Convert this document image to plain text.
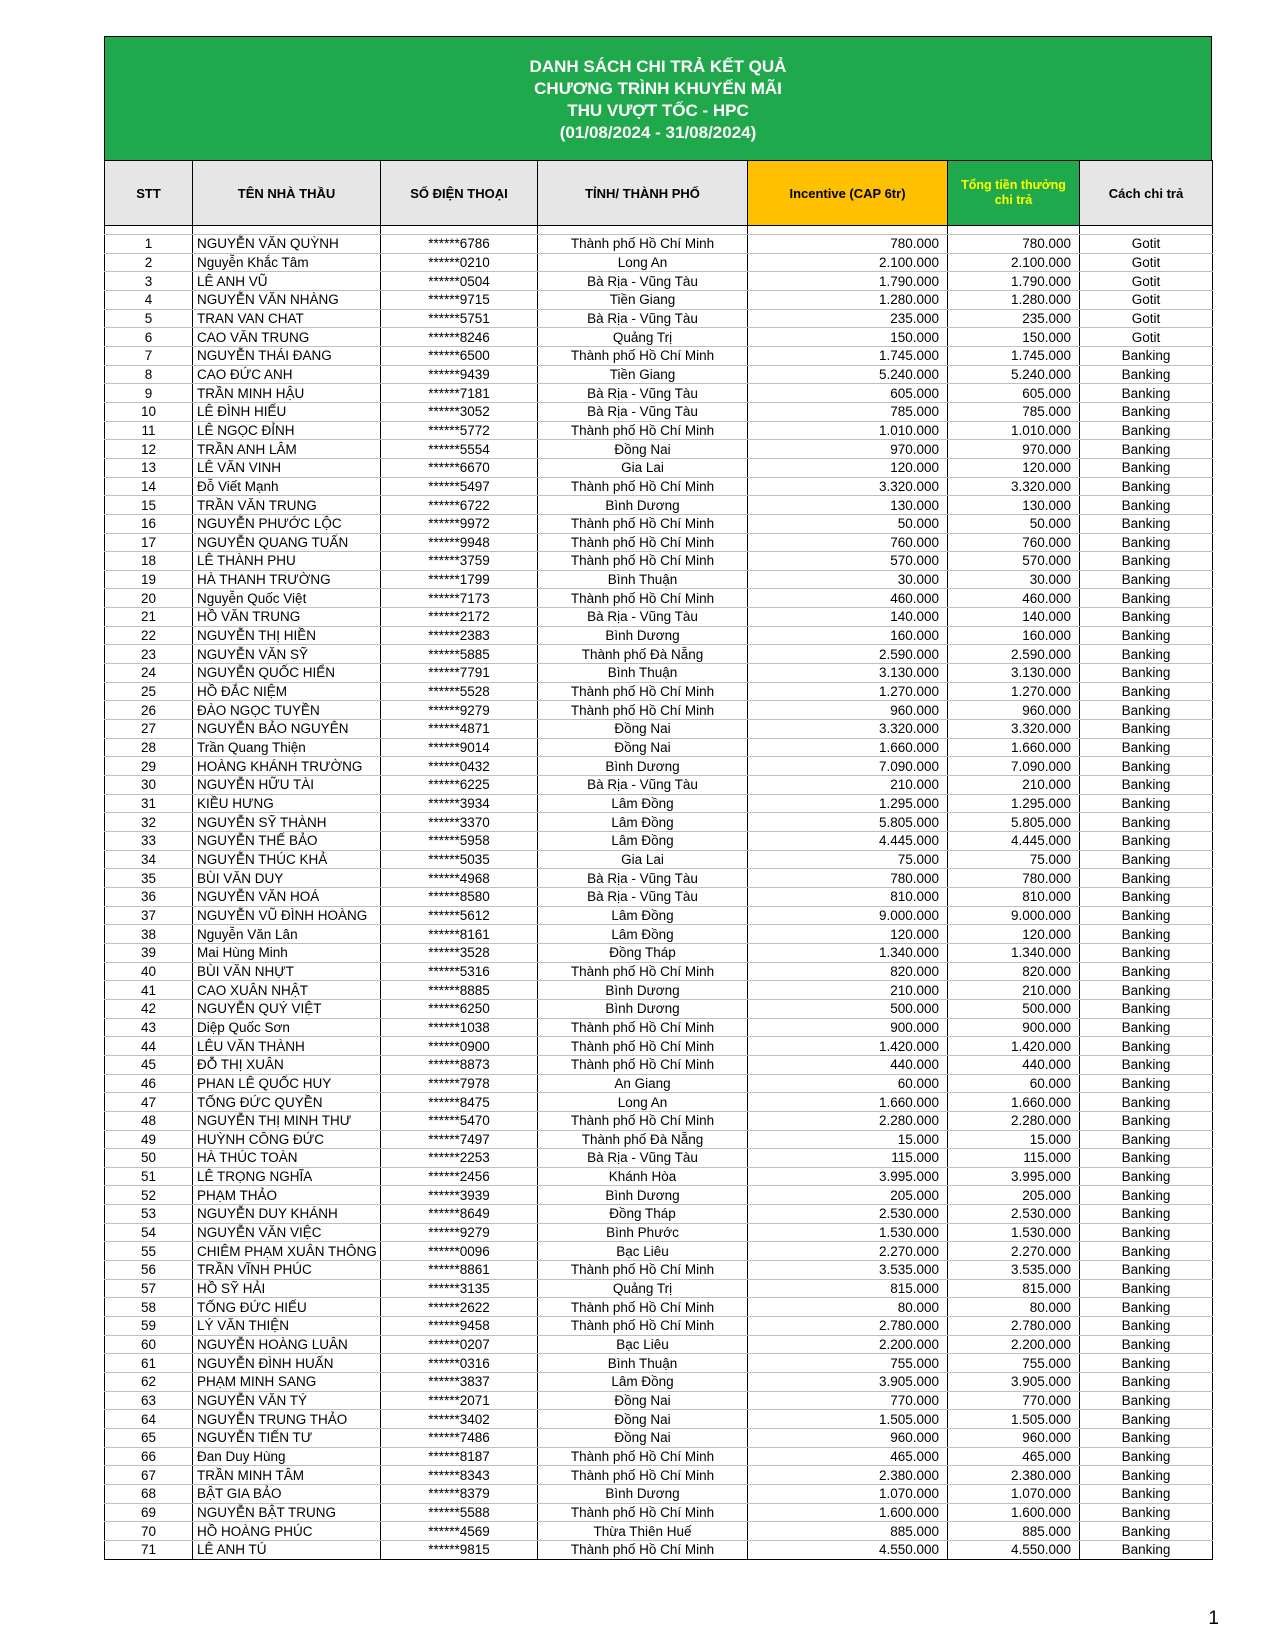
DANH SÁCH CHI TRẢ KẾT QUẢ
CHƯƠNG TRÌNH KHUYẾN MÃI
THU VƯỢT TỐC - HPC
(01/08/2024 - 31/08/2024)
STT	TÊN NHÀ THẦU	SỐ ĐIỆN THOẠI	TỈNH/ THÀNH PHỐ	Incentive (CAP 6tr)	Tổng tiền thưởng chi trả	Cách chi trả

1	NGUYỄN VĂN QUỲNH	******6786	Thành phố Hồ Chí Minh	780.000	780.000	Gotit
2	Nguyễn Khắc Tâm	******0210	Long An	2.100.000	2.100.000	Gotit
3	LÊ ANH VŨ	******0504	Bà Rịa - Vũng Tàu	1.790.000	1.790.000	Gotit
4	NGUYỄN VĂN NHÀNG	******9715	Tiền Giang	1.280.000	1.280.000	Gotit
5	TRAN VAN CHAT	******5751	Bà Rịa - Vũng Tàu	235.000	235.000	Gotit
6	CAO VĂN TRUNG	******8246	Quảng Trị	150.000	150.000	Gotit
7	NGUYỄN THÁI ĐANG	******6500	Thành phố Hồ Chí Minh	1.745.000	1.745.000	Banking
8	CAO ĐỨC ANH	******9439	Tiền Giang	5.240.000	5.240.000	Banking
9	TRẦN MINH HẬU	******7181	Bà Rịa - Vũng Tàu	605.000	605.000	Banking
10	LÊ ĐÌNH HIẾU	******3052	Bà Rịa - Vũng Tàu	785.000	785.000	Banking
11	LÊ NGỌC ĐỈNH	******5772	Thành phố Hồ Chí Minh	1.010.000	1.010.000	Banking
12	TRẦN ANH LÂM	******5554	Đồng Nai	970.000	970.000	Banking
13	LÊ VĂN VINH	******6670	Gia Lai	120.000	120.000	Banking
14	Đỗ Viết Mạnh	******5497	Thành phố Hồ Chí Minh	3.320.000	3.320.000	Banking
15	TRẦN VĂN TRUNG	******6722	Bình Dương	130.000	130.000	Banking
16	NGUYỄN PHƯỚC LỘC	******9972	Thành phố Hồ Chí Minh	50.000	50.000	Banking
17	NGUYỄN QUANG TUẤN	******9948	Thành phố Hồ Chí Minh	760.000	760.000	Banking
18	LÊ THÀNH PHU	******3759	Thành phố Hồ Chí Minh	570.000	570.000	Banking
19	HÀ THANH TRƯỜNG	******1799	Bình Thuận	30.000	30.000	Banking
20	Nguyễn Quốc Việt	******7173	Thành phố Hồ Chí Minh	460.000	460.000	Banking
21	HỒ VĂN TRUNG	******2172	Bà Rịa - Vũng Tàu	140.000	140.000	Banking
22	NGUYỄN THỊ HIỀN	******2383	Bình Dương	160.000	160.000	Banking
23	NGUYỄN VĂN SỸ	******5885	Thành phố Đà Nẵng	2.590.000	2.590.000	Banking
24	NGUYỄN QUỐC HIỂN	******7791	Bình Thuận	3.130.000	3.130.000	Banking
25	HỒ ĐẮC NIỆM	******5528	Thành phố Hồ Chí Minh	1.270.000	1.270.000	Banking
26	ĐÀO NGỌC TUYỀN	******9279	Thành phố Hồ Chí Minh	960.000	960.000	Banking
27	NGUYỄN BẢO NGUYÊN	******4871	Đồng Nai	3.320.000	3.320.000	Banking
28	Trần Quang Thiện	******9014	Đồng Nai	1.660.000	1.660.000	Banking
29	HOÀNG KHÁNH TRƯỜNG	******0432	Bình Dương	7.090.000	7.090.000	Banking
30	NGUYỄN HỮU TÀI	******6225	Bà Rịa - Vũng Tàu	210.000	210.000	Banking
31	KIỀU HƯNG	******3934	Lâm Đồng	1.295.000	1.295.000	Banking
32	NGUYỄN SỸ THÀNH	******3370	Lâm Đồng	5.805.000	5.805.000	Banking
33	NGUYỄN THẾ BẢO	******5958	Lâm Đồng	4.445.000	4.445.000	Banking
34	NGUYỄN THÚC KHẢ	******5035	Gia Lai	75.000	75.000	Banking
35	BÙI VĂN DUY	******4968	Bà Rịa - Vũng Tàu	780.000	780.000	Banking
36	NGUYỄN VĂN HOÁ	******8580	Bà Rịa - Vũng Tàu	810.000	810.000	Banking
37	NGUYỄN VŨ ĐÌNH HOÀNG	******5612	Lâm Đồng	9.000.000	9.000.000	Banking
38	Nguyễn Văn Lân	******8161	Lâm Đồng	120.000	120.000	Banking
39	Mai Hùng Minh	******3528	Đồng Tháp	1.340.000	1.340.000	Banking
40	BÙI VĂN NHỰT	******5316	Thành phố Hồ Chí Minh	820.000	820.000	Banking
41	CAO XUÂN NHẬT	******8885	Bình Dương	210.000	210.000	Banking
42	NGUYỄN QUÝ VIỆT	******6250	Bình Dương	500.000	500.000	Banking
43	Diệp Quốc Sơn	******1038	Thành phố Hồ Chí Minh	900.000	900.000	Banking
44	LÊU VĂN THÀNH	******0900	Thành phố Hồ Chí Minh	1.420.000	1.420.000	Banking
45	ĐỖ THỊ XUÂN	******8873	Thành phố Hồ Chí Minh	440.000	440.000	Banking
46	PHAN LÊ QUỐC HUY	******7978	An Giang	60.000	60.000	Banking
47	TỐNG ĐỨC QUYỀN	******8475	Long An	1.660.000	1.660.000	Banking
48	NGUYỄN THỊ MINH THƯ	******5470	Thành phố Hồ Chí Minh	2.280.000	2.280.000	Banking
49	HUỲNH CÔNG ĐỨC	******7497	Thành phố Đà Nẵng	15.000	15.000	Banking
50	HÀ THÚC TOÀN	******2253	Bà Rịa - Vũng Tàu	115.000	115.000	Banking
51	LÊ TRỌNG NGHĨA	******2456	Khánh Hòa	3.995.000	3.995.000	Banking
52	PHẠM THẢO	******3939	Bình Dương	205.000	205.000	Banking
53	NGUYỄN DUY KHÁNH	******8649	Đồng Tháp	2.530.000	2.530.000	Banking
54	NGUYỄN VĂN VIỆC	******9279	Bình Phước	1.530.000	1.530.000	Banking
55	CHIÊM PHẠM XUÂN THÔNG	******0096	Bạc Liêu	2.270.000	2.270.000	Banking
56	TRẦN VĨNH PHÚC	******8861	Thành phố Hồ Chí Minh	3.535.000	3.535.000	Banking
57	HỒ SỸ HẢI	******3135	Quảng Trị	815.000	815.000	Banking
58	TỐNG ĐỨC HIẾU	******2622	Thành phố Hồ Chí Minh	80.000	80.000	Banking
59	LÝ VĂN THIỆN	******9458	Thành phố Hồ Chí Minh	2.780.000	2.780.000	Banking
60	NGUYỄN HOÀNG LUÂN	******0207	Bạc Liêu	2.200.000	2.200.000	Banking
61	NGUYỄN ĐÌNH HUẤN	******0316	Bình Thuận	755.000	755.000	Banking
62	PHẠM MINH SANG	******3837	Lâm Đồng	3.905.000	3.905.000	Banking
63	NGUYỄN VĂN TÝ	******2071	Đồng Nai	770.000	770.000	Banking
64	NGUYỄN TRUNG THẢO	******3402	Đồng Nai	1.505.000	1.505.000	Banking
65	NGUYỄN TIẾN TƯ	******7486	Đồng Nai	960.000	960.000	Banking
66	Đan Duy Hùng	******8187	Thành phố Hồ Chí Minh	465.000	465.000	Banking
67	TRẦN MINH TÂM	******8343	Thành phố Hồ Chí Minh	2.380.000	2.380.000	Banking
68	BẬT GIA BẢO	******8379	Bình Dương	1.070.000	1.070.000	Banking
69	NGUYỄN BẬT TRUNG	******5588	Thành phố Hồ Chí Minh	1.600.000	1.600.000	Banking
70	HỒ HOÀNG PHÚC	******4569	Thừa Thiên Huế	885.000	885.000	Banking
71	LÊ ANH TÚ	******9815	Thành phố Hồ Chí Minh	4.550.000	4.550.000	Banking
1
